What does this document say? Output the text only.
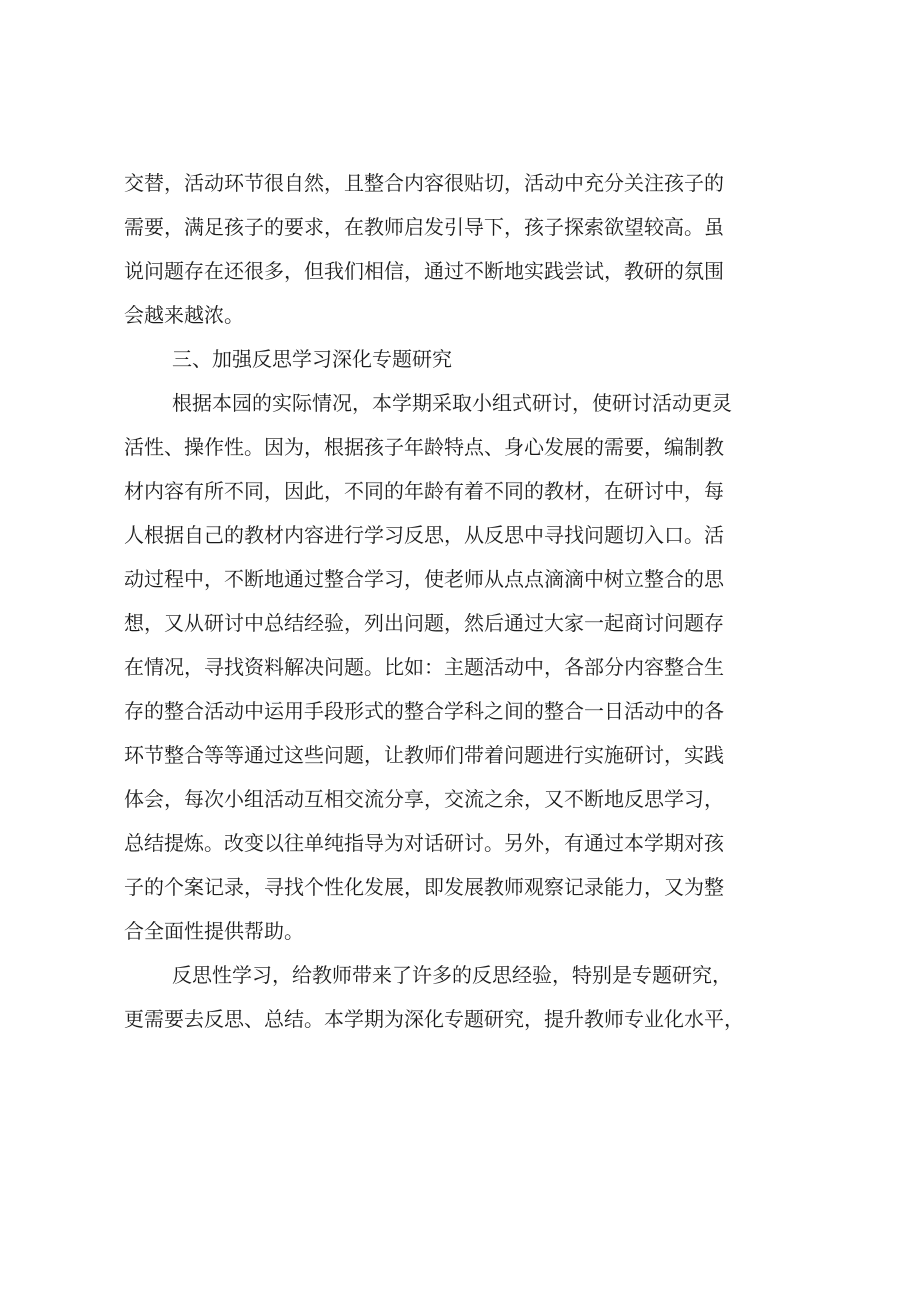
交替，活动环节很自然，且整合内容很贴切，活动中充分关注孩子的
需要，满足孩子的要求，在教师启发引导下，孩子探索欲望较高。虽
说问题存在还很多，但我们相信，通过不断地实践尝试，教研的氛围
会越来越浓。
三、加强反思学习深化专题研究
根据本园的实际情况，本学期采取小组式研讨，使研讨活动更灵
活性、操作性。因为，根据孩子年龄特点、身心发展的需要，编制教
材内容有所不同，因此，不同的年龄有着不同的教材，在研讨中，每
人根据自己的教材内容进行学习反思，从反思中寻找问题切入口。活
动过程中，不断地通过整合学习，使老师从点点滴滴中树立整合的思
想，又从研讨中总结经验，列出问题，然后通过大家一起商讨问题存
在情况，寻找资料解决问题。比如：主题活动中，各部分内容整合生
存的整合活动中运用手段形式的整合学科之间的整合一日活动中的各
环节整合等等通过这些问题，让教师们带着问题进行实施研讨，实践
体会，每次小组活动互相交流分享，交流之余，又不断地反思学习，
总结提炼。改变以往单纯指导为对话研讨。另外，有通过本学期对孩
子的个案记录，寻找个性化发展，即发展教师观察记录能力，又为整
合全面性提供帮助。
反思性学习，给教师带来了许多的反思经验，特别是专题研究，
更需要去反思、总结。本学期为深化专题研究，提升教师专业化水平，
